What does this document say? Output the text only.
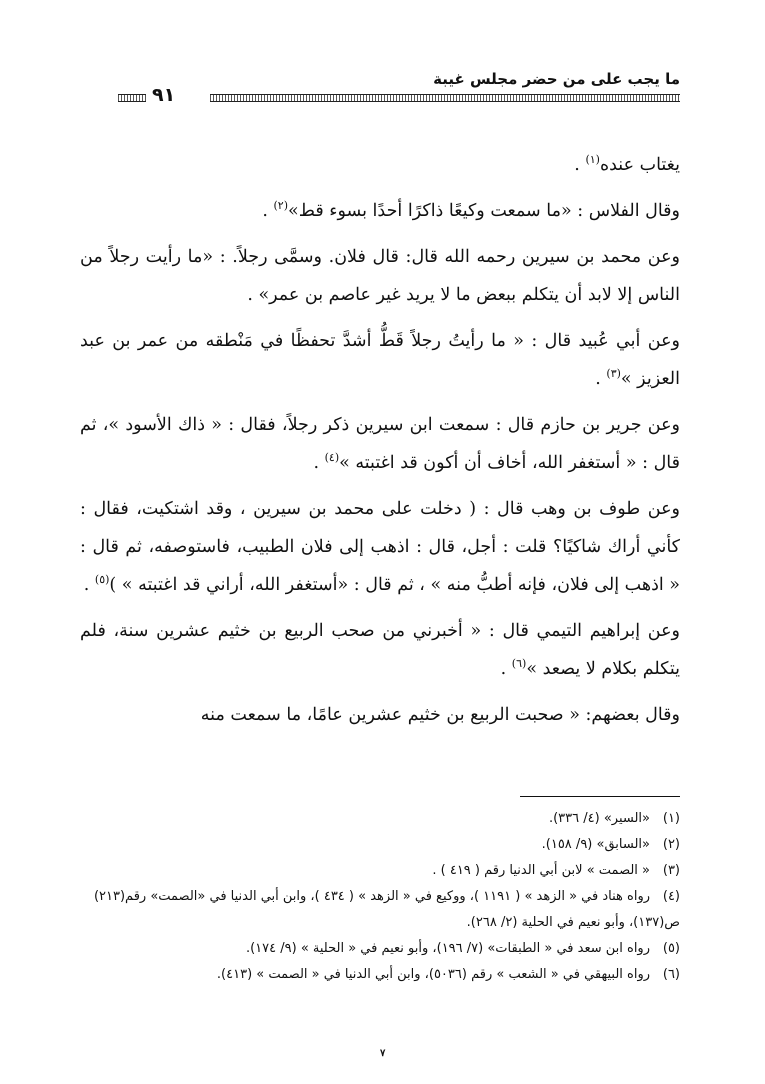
ما يجب على من حضر مجلس غيبة
٩١

يغتاب عنده$^{(١)}$ .

وقال الفلاس : «ما سمعت وكيعًا ذاكرًا أحدًا بسوء قط»$^{(٢)}$ .

وعن محمد بن سيرين رحمه الله قال: قال فلان. وسمَّى رجلاً. : «ما رأيت رجلاً من الناس إلا لابد أن يتكلم ببعض ما لا يريد غير عاصم بن عمر» .

وعن أبي عُبيد قال : « ما رأيتُ رجلاً قَطُّ أشدَّ تحفظًا في مَنْطقه من عمر بن عبد العزيز »$^{(٣)}$ .

وعن جرير بن حازم قال : سمعت ابن سيرين ذكر رجلاً، فقال : « ذاك الأسود »، ثم قال : « أستغفر الله، أخاف أن أكون قد اغتبته »$^{(٤)}$ .

وعن طوف بن وهب قال : ( دخلت على محمد بن سيرين ، وقد اشتكيت، فقال : كأني أراك شاكيًا؟ قلت : أجل، قال : اذهب إلى فلان الطبيب، فاستوصفه، ثم قال : « اذهب إلى فلان، فإنه أطبُّ منه » ، ثم قال : «أستغفر الله، أراني قد اغتبته » )$^{(٥)}$ .

وعن إبراهيم التيمي قال : « أخبرني من صحب الربيع بن خثيم عشرين سنة، فلم يتكلم بكلام لا يصعد »$^{(٦)}$ .

وقال بعضهم: « صحبت الربيع بن خثيم عشرين عامًا، ما سمعت منه

(١)«السير» (٤/ ٣٣٦).

(٢)«السابق» (٩/ ١٥٨).

(٣)« الصمت » لابن أبي الدنيا رقم ( ٤١٩ ) .

(٤)رواه هناد في « الزهد » ( ١١٩١ )، ووكيع في « الزهد » ( ٤٣٤ )، وابن أبي الدنيا في «الصمت» رقم(٢١٣) ص(١٣٧)، وأبو نعيم في الحلية (٢/ ٢٦٨).

(٥)رواه ابن سعد في « الطبقات» (٧/ ١٩٦)، وأبو نعيم في « الحلية » (٩/ ١٧٤).

(٦)رواه البيهقي في « الشعب » رقم (٥٠٣٦)، وابن أبي الدنيا في « الصمت » (٤١٣).

٧
